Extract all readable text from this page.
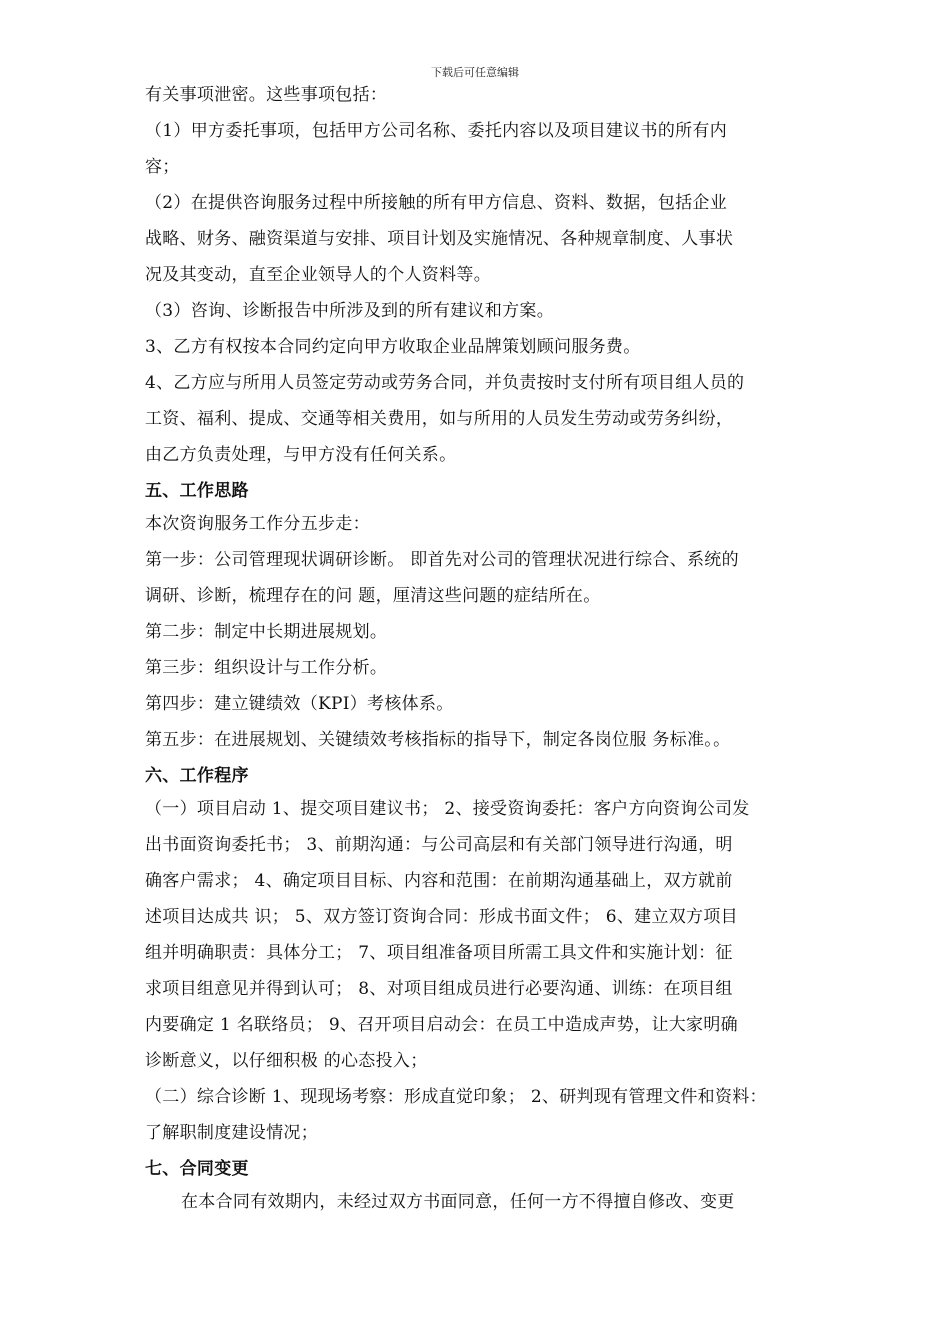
下载后可任意编辑

有关事项泄密。这些事项包括：

（1）甲方委托事项，包括甲方公司名称、委托内容以及项目建议书的所有内

容；

（2）在提供咨询服务过程中所接触的所有甲方信息、资料、数据，包括企业

战略、财务、融资渠道与安排、项目计划及实施情况、各种规章制度、人事状

况及其变动，直至企业领导人的个人资料等。

（3）咨询、诊断报告中所涉及到的所有建议和方案。

3、乙方有权按本合同约定向甲方收取企业品牌策划顾问服务费。

4、乙方应与所用人员签定劳动或劳务合同，并负责按时支付所有项目组人员的

工资、福利、提成、交通等相关费用，如与所用的人员发生劳动或劳务纠纷，

由乙方负责处理，与甲方没有任何关系。

五、工作思路

本次资询服务工作分五步走：

第一步：公司管理现状调研诊断。 即首先对公司的管理状况进行综合、系统的

调研、诊断，梳理存在的问 题，厘清这些问题的症结所在。

第二步：制定中长期进展规划。

第三步：组织设计与工作分析。

第四步：建立键绩效（KPI）考核体系。

第五步：在进展规划、关键绩效考核指标的指导下，制定各岗位服 务标准。。

六、工作程序

（一）项目启动 1、提交项目建议书； 2、接受资询委托：客户方向资询公司发

出书面资询委托书； 3、前期沟通：与公司高层和有关部门领导进行沟通，明

确客户需求； 4、确定项目目标、内容和范围：在前期沟通基础上，双方就前

述项目达成共 识； 5、双方签订资询合同：形成书面文件； 6、建立双方项目

组并明确职责：具体分工； 7、项目组准备项目所需工具文件和实施计划：征

求项目组意见并得到认可； 8、对项目组成员进行必要沟通、训练：在项目组

内要确定 1 名联络员； 9、召开项目启动会：在员工中造成声势，让大家明确

诊断意义，以仔细积极 的心态投入；

（二）综合诊断 1、现现场考察：形成直觉印象； 2、研判现有管理文件和资料：

了解职制度建设情况；

七、合同变更

在本合同有效期内，未经过双方书面同意，任何一方不得擅自修改、变更
